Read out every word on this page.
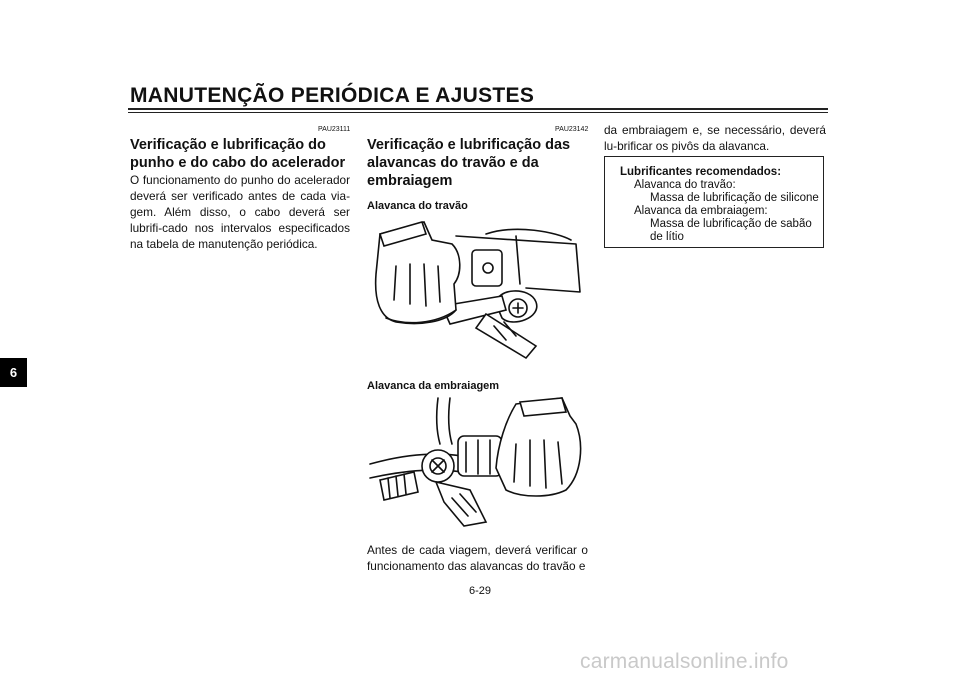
MANUTENÇÃO PERIÓDICA E AJUSTES
6
PAU23111
Verificação e lubrificação do punho e do cabo do acelerador
O funcionamento do punho do acelerador deverá ser verificado antes de cada via-gem. Além disso, o cabo deverá ser lubrifi-cado nos intervalos especificados na tabela de manutenção periódica.
PAU23142
Verificação e lubrificação das alavancas do travão e da embraiagem
Alavanca do travão
Alavanca da embraiagem
Antes de cada viagem, deverá verificar o funcionamento das alavancas do travão e
da embraiagem e, se necessário, deverá lu-brificar os pivôs da alavanca.
Lubrificantes recomendados:
Alavanca do travão:
Massa de lubrificação de silicone
Alavanca da embraiagem:
Massa de lubrificação de sabão
de lítio
6-29
carmanualsonline.info
